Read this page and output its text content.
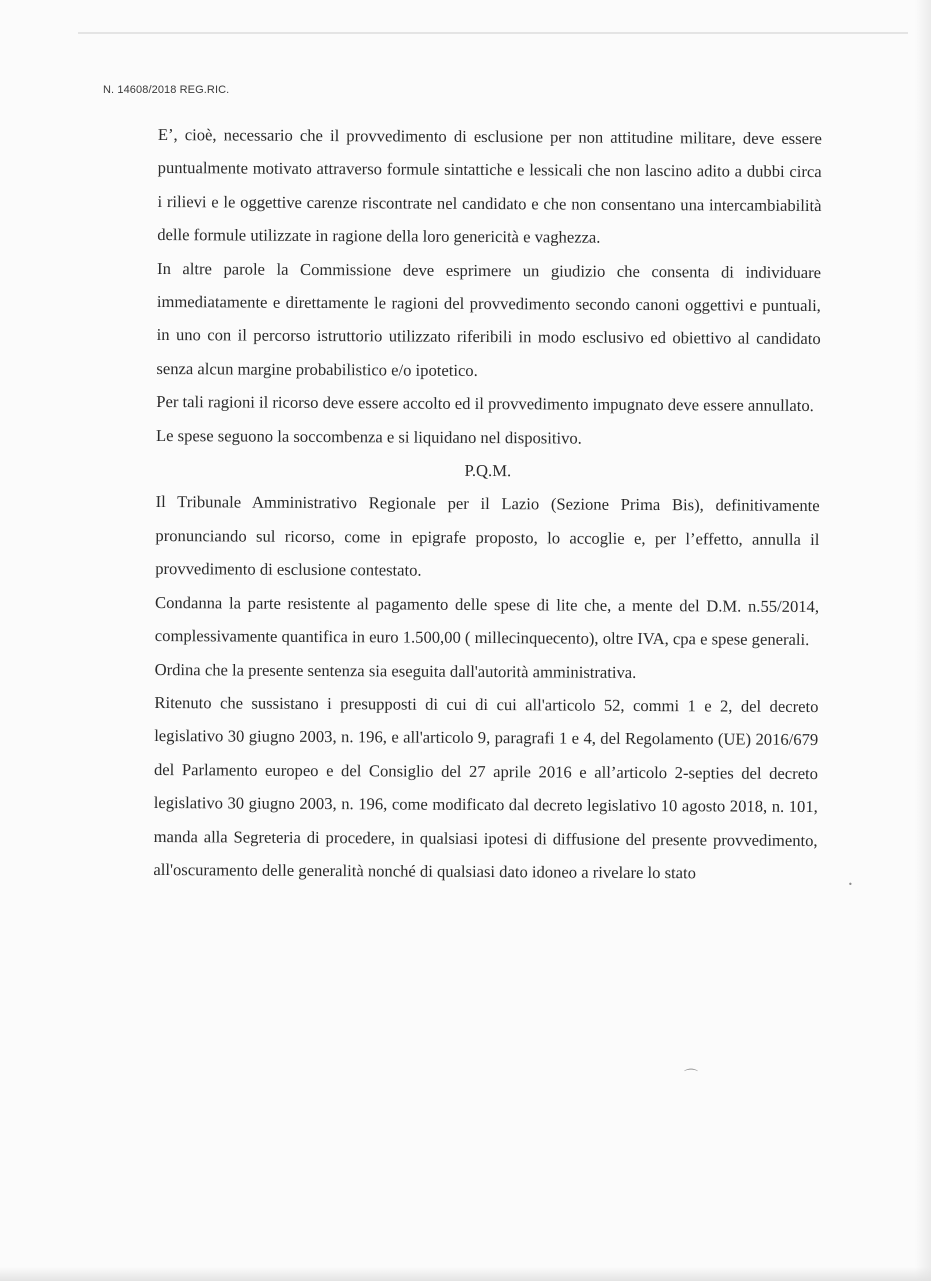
N. 14608/2018 REG.RIC.

E’, cioè, necessario che il provvedimento di esclusione per non attitudine militare, deve essere puntualmente motivato attraverso formule sintattiche e lessicali che non lascino adito a dubbi circa i rilievi e le oggettive carenze riscontrate nel candidato e che non consentano una intercambiabilità delle formule utilizzate in ragione della loro genericità e vaghezza.

In altre parole la Commissione deve esprimere un giudizio che consenta di individuare immediatamente e direttamente le ragioni del provvedimento secondo canoni oggettivi e puntuali, in uno con il percorso istruttorio utilizzato riferibili in modo esclusivo ed obiettivo al candidato senza alcun margine probabilistico e/o ipotetico.

Per tali ragioni il ricorso deve essere accolto ed il provvedimento impugnato deve essere annullato.

Le spese seguono la soccombenza e si liquidano nel dispositivo.

P.Q.M.

Il Tribunale Amministrativo Regionale per il Lazio (Sezione Prima Bis), definitivamente pronunciando sul ricorso, come in epigrafe proposto, lo accoglie e, per l’effetto, annulla il provvedimento di esclusione contestato.

Condanna la parte resistente al pagamento delle spese di lite che, a mente del D.M. n.55/2014, complessivamente quantifica in euro 1.500,00 ( millecinquecento), oltre IVA, cpa e spese generali.

Ordina che la presente sentenza sia eseguita dall'autorità amministrativa.

Ritenuto che sussistano i presupposti di cui di cui all'articolo 52, commi 1 e 2, del decreto legislativo 30 giugno 2003, n. 196, e all'articolo 9, paragrafi 1 e 4, del Regolamento (UE) 2016/679 del Parlamento europeo e del Consiglio del 27 aprile 2016 e all’articolo 2-septies del decreto legislativo 30 giugno 2003, n. 196, come modificato dal decreto legislativo 10 agosto 2018, n. 101, manda alla Segreteria di procedere, in qualsiasi ipotesi di diffusione del presente provvedimento, all'oscuramento delle generalità nonché di qualsiasi dato idoneo a rivelare lo stato

⌒
•
